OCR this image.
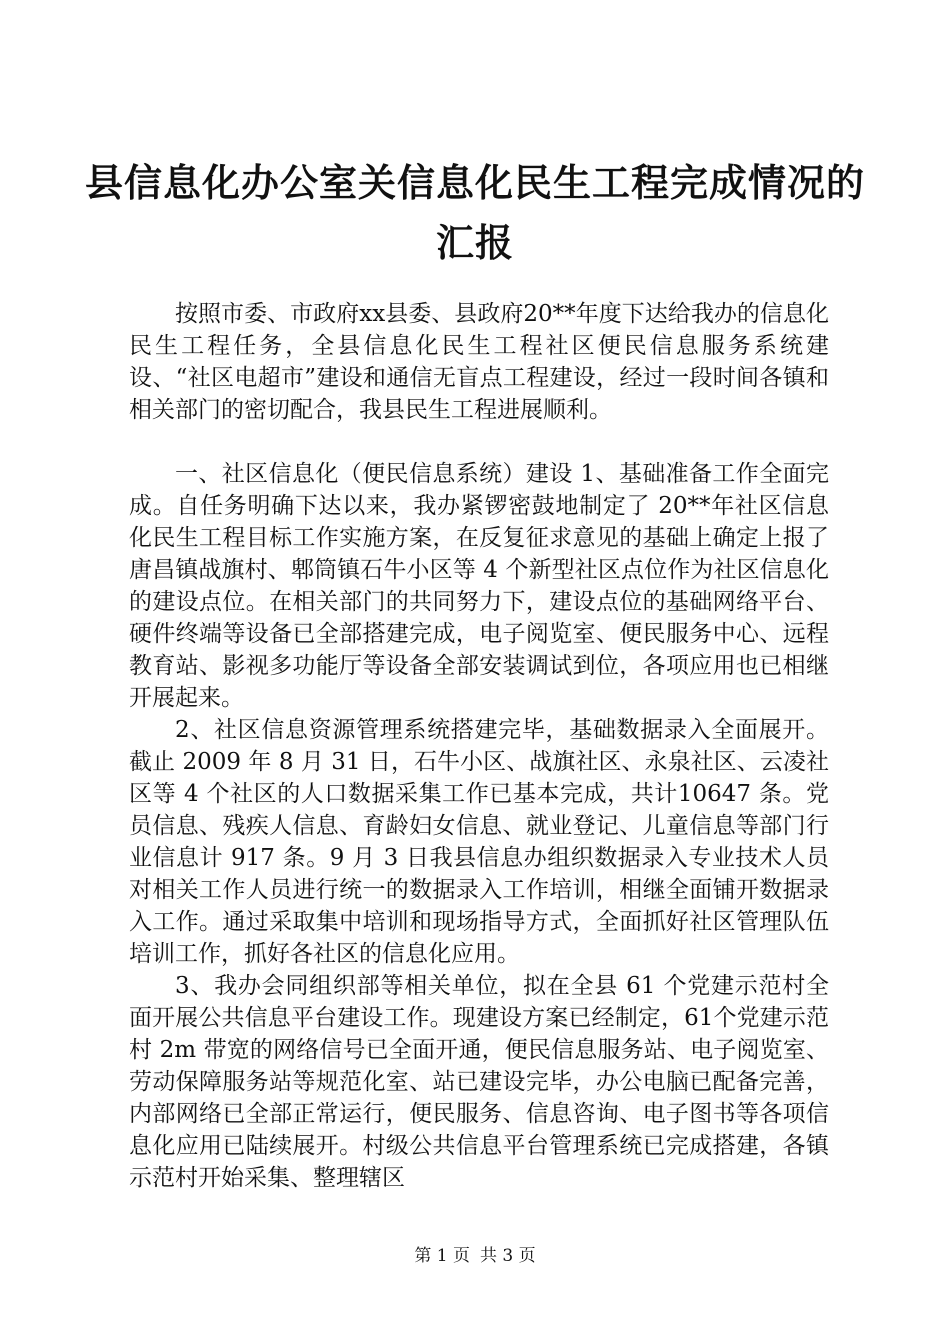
县信息化办公室关信息化民生工程完成情况的
汇报

按照市委、市政府xx县委、县政府20**年度下达给我办的信息化民生工程任务，全县信息化民生工程社区便民信息服务系统建设、“社区电超市”建设和通信无盲点工程建设，经过一段时间各镇和相关部门的密切配合，我县民生工程进展顺利。

一、社区信息化（便民信息系统）建设 1、基础准备工作全面完成。自任务明确下达以来，我办紧锣密鼓地制定了 20**年社区信息化民生工程目标工作实施方案，在反复征求意见的基础上确定上报了唐昌镇战旗村、郫筒镇石牛小区等 4 个新型社区点位作为社区信息化的建设点位。在相关部门的共同努力下，建设点位的基础网络平台、硬件终端等设备已全部搭建完成，电子阅览室、便民服务中心、远程教育站、影视多功能厅等设备全部安装调试到位，各项应用也已相继开展起来。

2、社区信息资源管理系统搭建完毕，基础数据录入全面展开。截止 2009 年 8 月 31 日，石牛小区、战旗社区、永泉社区、云凌社区等 4 个社区的人口数据采集工作已基本完成，共计10647 条。党员信息、残疾人信息、育龄妇女信息、就业登记、儿童信息等部门行业信息计 917 条。9 月 3 日我县信息办组织数据录入专业技术人员对相关工作人员进行统一的数据录入工作培训，相继全面铺开数据录入工作。通过采取集中培训和现场指导方式，全面抓好社区管理队伍培训工作，抓好各社区的信息化应用。

3、我办会同组织部等相关单位，拟在全县 61 个党建示范村全面开展公共信息平台建设工作。现建设方案已经制定，61个党建示范村 2m 带宽的网络信号已全面开通，便民信息服务站、电子阅览室、劳动保障服务站等规范化室、站已建设完毕，办公电脑已配备完善，内部网络已全部正常运行，便民服务、信息咨询、电子图书等各项信息化应用已陆续展开。村级公共信息平台管理系统已完成搭建，各镇示范村开始采集、整理辖区

第 1 页 共 3 页
